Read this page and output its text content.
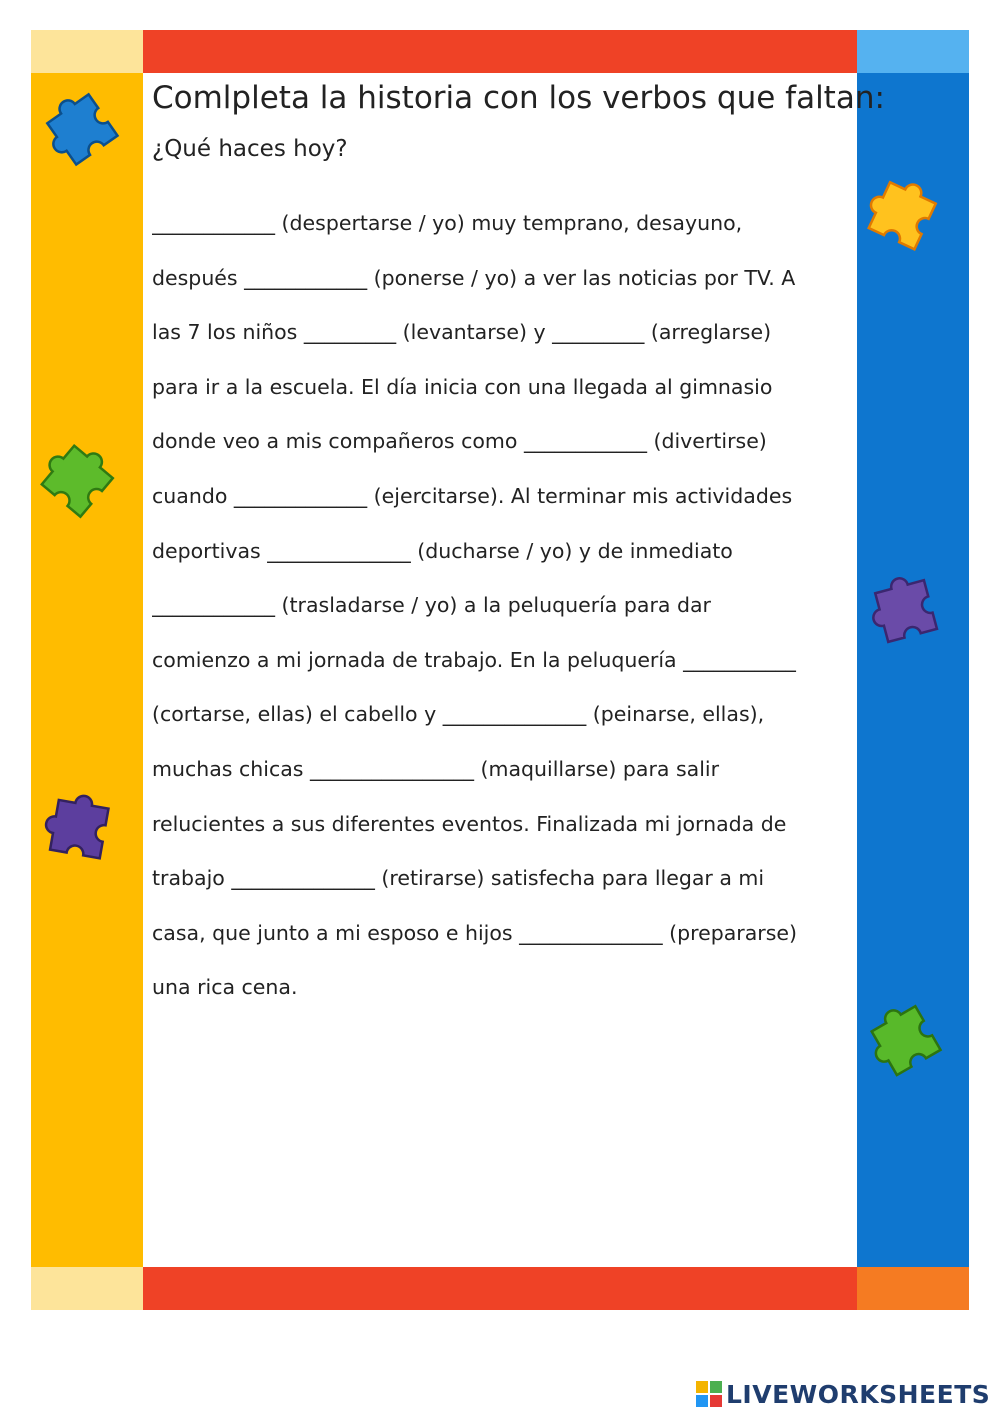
Comlpleta la historia con los verbos que faltan:
¿Qué haces hoy?
____________ (despertarse / yo) muy temprano, desayuno,
después ____________ (ponerse / yo) a ver las noticias por TV. A
las 7 los niños _________ (levantarse) y _________ (arreglarse)
para ir a la escuela. El día inicia con una llegada al gimnasio
donde veo a mis compañeros como ____________ (divertirse)
cuando _____________ (ejercitarse). Al terminar mis actividades
deportivas ______________ (ducharse / yo) y de inmediato
____________ (trasladarse / yo) a la peluquería para dar
comienzo a mi jornada de trabajo. En la peluquería ___________
(cortarse, ellas) el cabello y ______________ (peinarse, ellas),
muchas chicas ________________ (maquillarse) para salir
relucientes a sus diferentes eventos. Finalizada mi jornada de
trabajo ______________ (retirarse) satisfecha para llegar a mi
casa, que junto a mi esposo e hijos ______________ (prepararse)
una rica cena.
LIVEWORKSHEETS
